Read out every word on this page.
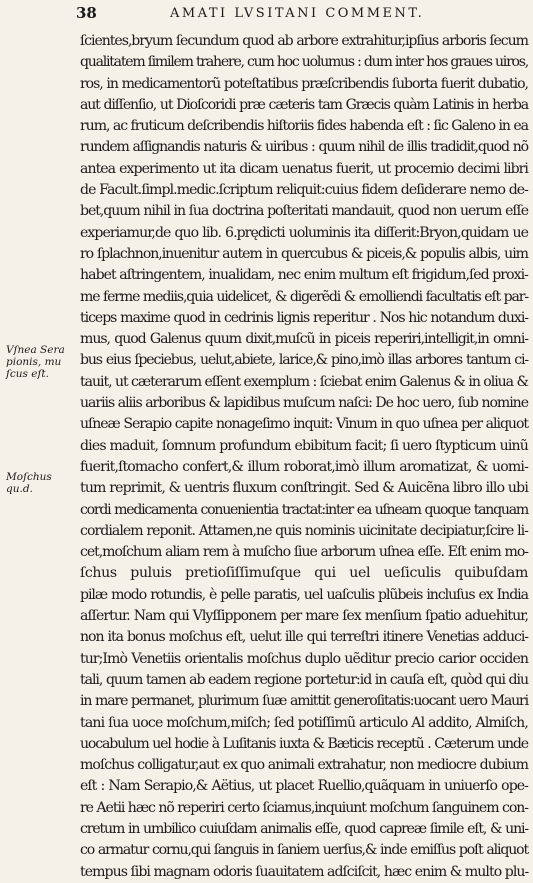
38	AMATI LVSITANI COMMENT.
Vſnea Sera
pionis, mu
ſcus eſt.
Moſchus
qu.d.
ſcientes,bryum ſecundum quod ab arbore extrahitur,ipſius arboris ſecum
qualitatem ſimilem trahere, cum hoc uolumus : dum inter hos graues uiros,
ros, in medicamentorũ poteſtatibus præſcribendis ſuborta fuerit dubatio,
aut diſſenſio, ut Dioſcoridi præ cæteris tam Græcis quàm Latinis in herba
rum, ac fruticum deſcribendis hiſtoriis fides habenda eſt : ſic Galeno in ea
rundem aſſignandis naturis & uiribus : quum nihil de illis tradidit,quod nõ
antea experimento ut ita dicam uenatus fuerit, ut procemio decimi libri
de Facult.ſimpl.medic.ſcriptum reliquit:cuius fidem deſiderare nemo de-
bet,quum nihil in ſua doctrina poſteritati mandauit, quod non uerum eſſe
experiamur,de quo lib. 6.prędicti uoluminis ita diſſerit:Bryon,quidam ue
ro ſplachnon,inuenitur autem in quercubus & piceis,& populis albis, uim
habet aſtringentem, inualidam, nec enim multum eſt frigidum,ſed proxi-
me ferme mediis,quia uidelicet, & digerẽdi & emolliendi facultatis eſt par-
ticeps maxime quod in cedrinis lignis reperitur . Nos hic notandum duxi-
mus, quod Galenus quum dixit,muſcũ in piceis reperiri,intelligit,in omni-
bus eius ſpeciebus, uelut,abiete, larice,& pino,imò illas arbores tantum ci-
tauit, ut cæterarum eſſent exemplum : ſciebat enim Galenus & in oliua &
uariis aliis arboribus & lapidibus muſcum naſci: De hoc uero, ſub nomine
uſneæ Serapio capite nonageſimo inquit: Vinum in quo uſnea per aliquot
dies maduit, ſomnum profundum ebibitum facit; ſi uero ſtypticum uinũ
fuerit,ſtomacho confert,& illum roborat,imò illum aromatizat, & uomi-
tum reprimit, & uentris fluxum conſtringit. Sed & Auicẽna libro illo ubi
cordi medicamenta conuenientia tractat:inter ea uſneam quoque tanquam
cordialem reponit. Attamen,ne quis nominis uicinitate decipiatur,ſcire li-
cet,moſchum aliam rem à muſcho ſiue arborum uſnea eſſe. Eſt enim mo-
ſchus puluis pretioſiſſimuſque qui uel ueſiculis quibuſdam
pilæ modo rotundis, è pelle paratis, uel uaſculis plũbeis incluſus ex India
aſſertur. Nam qui Vlyſſipponem per mare ſex menſium ſpatio aduehitur,
non ita bonus moſchus eſt, uelut ille qui terreſtri itinere Venetias adduci-
tur;Imò Venetiis orientalis moſchus duplo uẽditur precio carior occiden
tali, quum tamen ab eadem regione portetur:id in cauſa eſt, quòd qui diu
in mare permanet, plurimum ſuæ amittit generoſitatis:uocant uero Mauri
tani ſua uoce moſchum,miſch; ſed potiſſimũ articulo Al addito, Almiſch,
uocabulum uel hodie à Luſitanis iuxta & Bæticis receptũ . Cæterum unde
moſchus colligatur,aut ex quo animali extrahatur, non mediocre dubium
eſt : Nam Serapio,& Aëtius, ut placet Ruellio,quãquam in uniuerſo ope-
re Aetii hæc nõ reperiri certo ſciamus,inquiunt moſchum ſanguinem con-
cretum in umbilico cuiuſdam animalis eſſe, quod capreæ ſimile eſt, & uni-
co armatur cornu,qui ſanguis in ſaniem uerſus,& inde emiſſus poſt aliquot
tempus ſibi magnam odoris ſuauitatem adſciſcit, hæc enim & multo plu-
